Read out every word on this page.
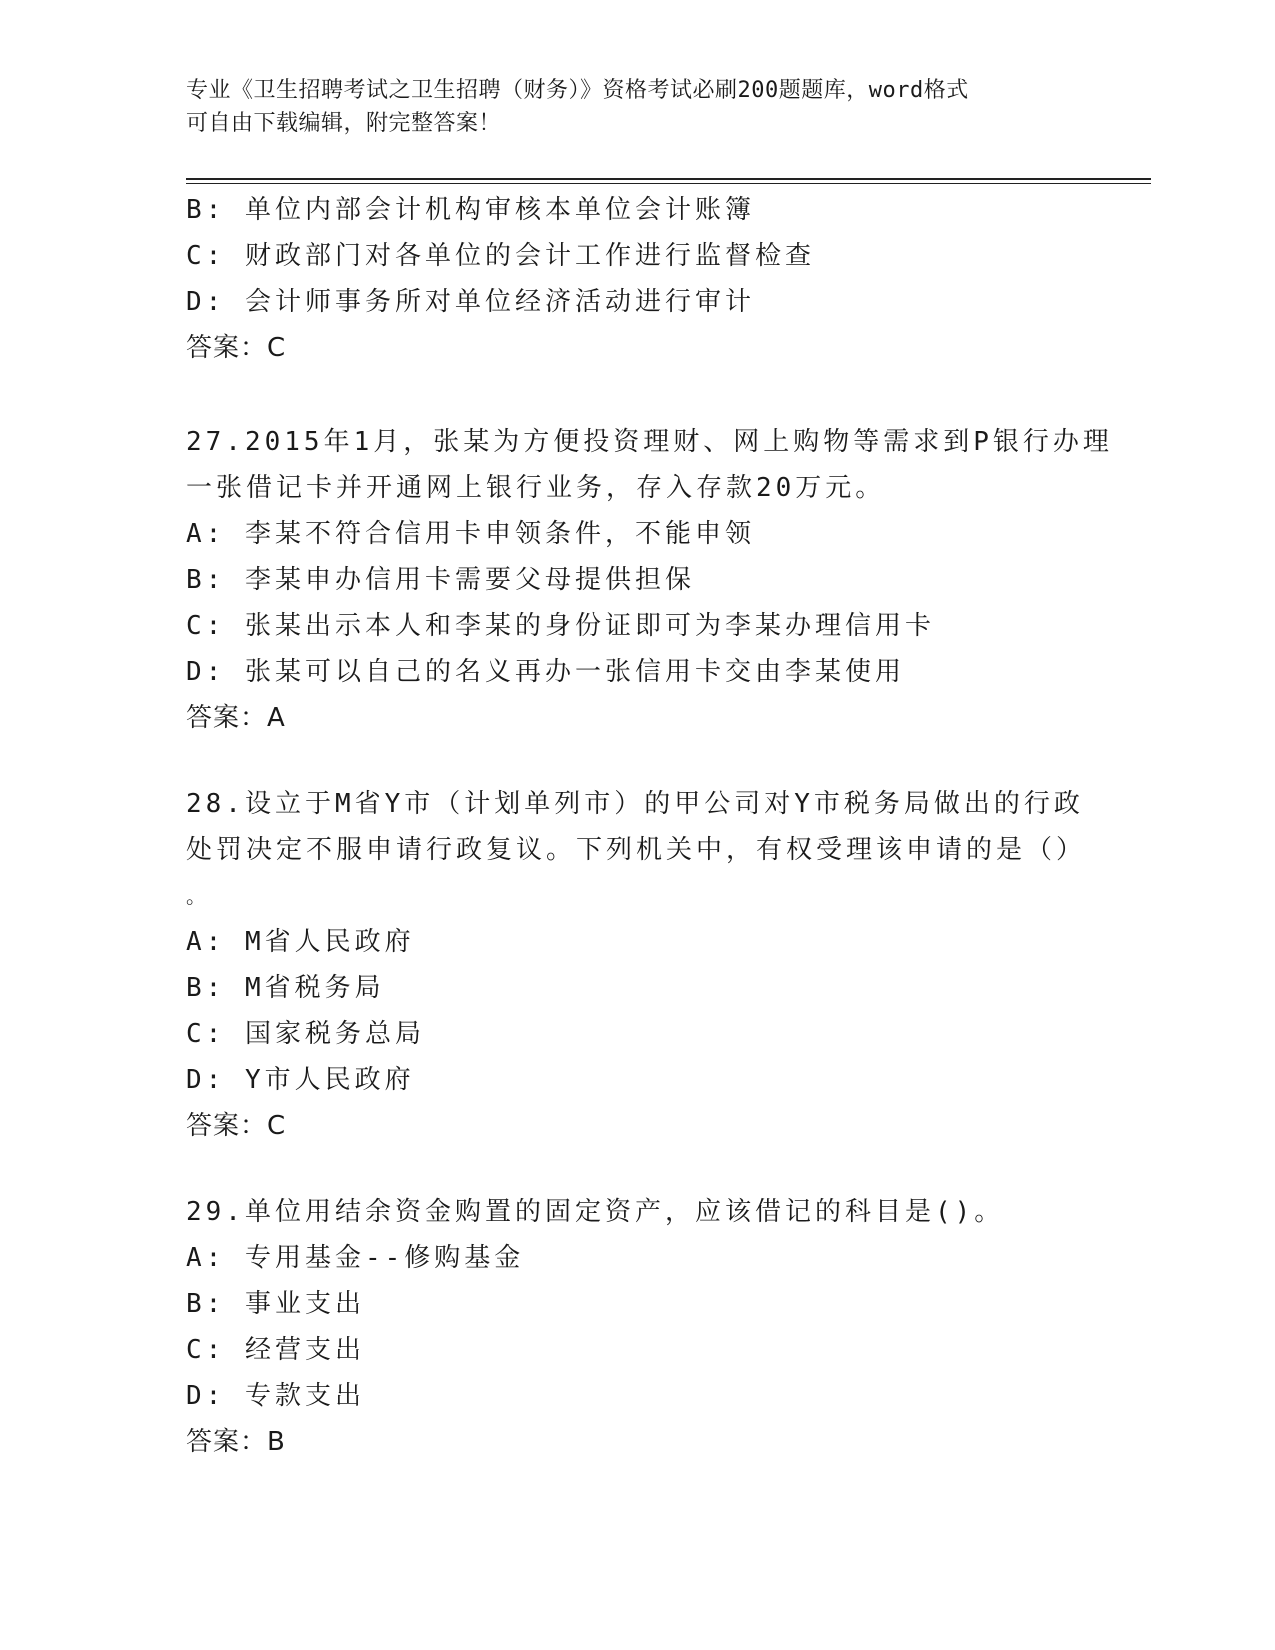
专业《卫生招聘考试之卫生招聘（财务）》资格考试必刷200题题库，word格式
可自由下载编辑，附完整答案！
B: 单位内部会计机构审核本单位会计账簿
C: 财政部门对各单位的会计工作进行监督检查
D: 会计师事务所对单位经济活动进行审计
答案：C
27.2015年1月，张某为方便投资理财、网上购物等需求到P银行办理
一张借记卡并开通网上银行业务，存入存款20万元。
A: 李某不符合信用卡申领条件，不能申领
B: 李某申办信用卡需要父母提供担保
C: 张某出示本人和李某的身份证即可为李某办理信用卡
D: 张某可以自己的名义再办一张信用卡交由李某使用
答案：A
28.设立于M省Y市（计划单列市）的甲公司对Y市税务局做出的行政
处罚决定不服申请行政复议。下列机关中，有权受理该申请的是（）
。
A: M省人民政府
B: M省税务局
C: 国家税务总局
D: Y市人民政府
答案：C
29.单位用结余资金购置的固定资产，应该借记的科目是()。
A: 专用基金--修购基金
B: 事业支出
C: 经营支出
D: 专款支出
答案：B
